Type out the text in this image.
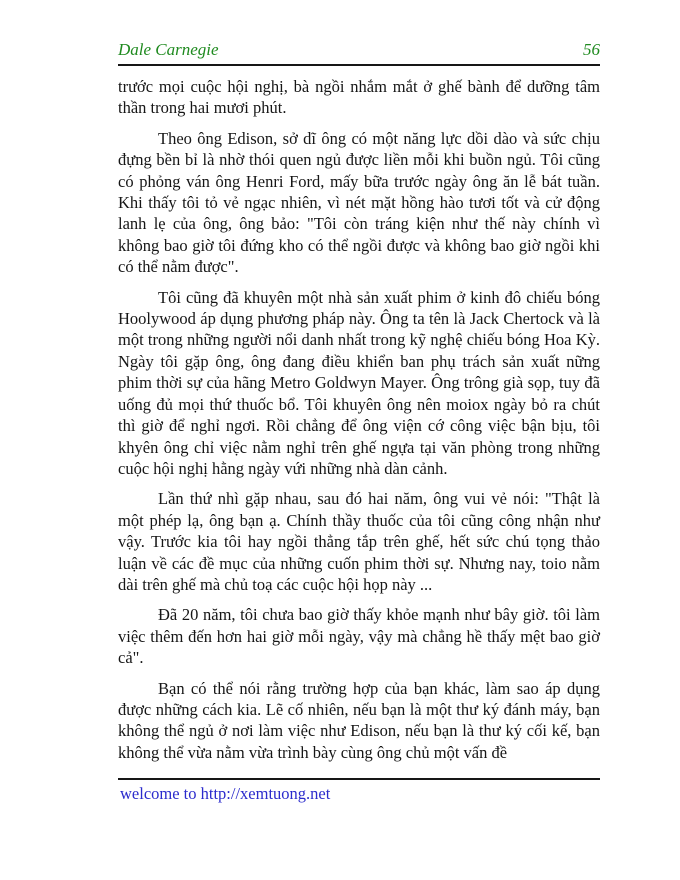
Dale Carnegie	56

trước mọi cuộc hội nghị, bà ngồi nhắm mắt ở ghế bành để dưỡng tâm thần trong hai mươi phút.

Theo ông Edison, sở dĩ ông có một năng lực dồi dào và sức chịu đựng bền bỉ là nhờ thói quen ngủ được liền mỗi khi buồn ngủ. Tôi cũng có phỏng ván ông Henri Ford, mấy bữa trước ngày ông ăn lễ bát tuần. Khi thấy tôi tỏ vẻ ngạc nhiên, vì nét mặt hồng hào tươi tốt và cử động lanh lẹ của ông, ông bảo: "Tôi còn tráng kiện như thế này chính vì không bao giờ tôi đứng kho có thể ngồi được và không bao giờ ngồi khi có thể nằm được".

Tôi cũng đã khuyên một nhà sản xuất phim ở kinh đô chiếu bóng Hoolywood áp dụng phương pháp này. Ông ta tên là Jack Chertock và là một trong những người nổi danh nhất trong kỹ nghệ chiếu bóng Hoa Kỳ. Ngày tôi gặp ông, ông đang điều khiển ban phụ trách sản xuất nững phim thời sự của hãng Metro Goldwyn Mayer. Ông trông già sọp, tuy đã uống đủ mọi thứ thuốc bổ. Tôi khuyên ông nên moiox ngày bỏ ra chút thì giờ để nghỉ ngơi. Rồi chẳng để ông viện cớ công việc bận bịu, tôi khyên ông chỉ việc nằm nghỉ trên ghế ngựa tại văn phòng trong những cuộc hội nghị hằng ngày vứi những nhà dàn cảnh.

Lần thứ nhì gặp nhau, sau đó hai năm, ông vui vẻ nói: "Thật là một phép lạ, ông bạn ạ. Chính thầy thuốc của tôi cũng công nhận như vậy. Trước kia tôi hay ngồi thẳng tắp trên ghế, hết sức chú tọng thảo luận về các đề mục của những cuốn phim thời sự. Nhưng nay, toio nằm dài trên ghế mà chủ toạ các cuộc hội họp này ...

Đã 20 năm, tôi chưa bao giờ thấy khỏe mạnh như bây giờ. tôi làm việc thêm đến hơn hai giờ mỗi ngày, vậy mà chẳng hề thấy mệt bao giờ cả".

Bạn có thể nói rằng trường hợp của bạn khác, làm sao áp dụng được những cách kia. Lẽ cố nhiên, nếu bạn là một thư ký đánh máy, bạn không thể ngủ ở nơi làm việc như Edison, nếu bạn là thư ký cối kế, bạn không thể vừa nằm vừa trình bày cùng ông chủ một vấn đề

welcome to http://xemtuong.net
